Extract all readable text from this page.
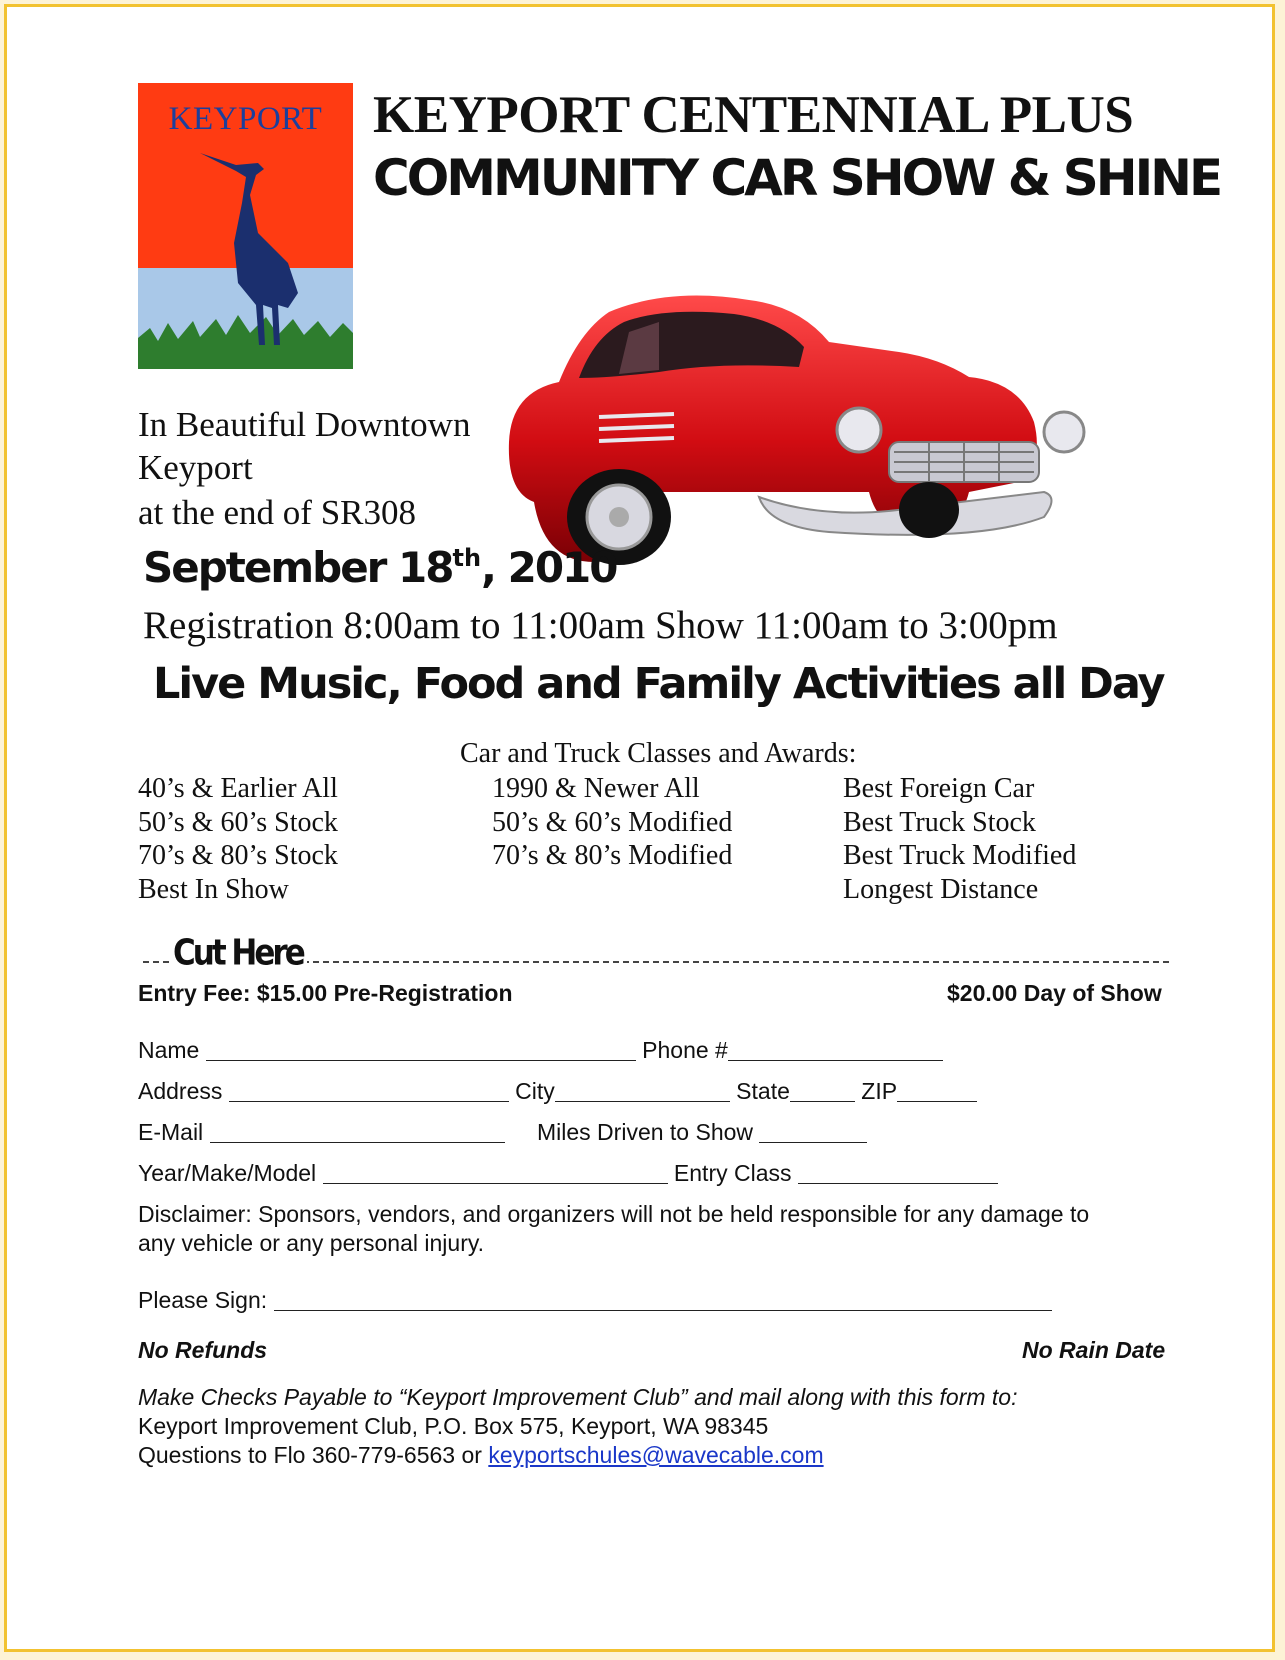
KEYPORT KEYPORT CENTENNIAL PLUS
COMMUNITY CAR SHOW & SHINE
In Beautiful Downtown
Keyport
at the end of SR308
September 18th, 2010
Registration 8:00am to 11:00am Show 11:00am to 3:00pm
Live Music, Food and Family Activities all Day
Car and Truck Classes and Awards:
40’s & Earlier All
50’s & 60’s Stock
70’s & 80’s Stock
Best In Show
1990 & Newer All
50’s & 60’s Modified
70’s & 80’s Modified
Best Foreign Car
Best Truck Stock
Best Truck Modified
Longest Distance
Cut Here
Entry Fee: $15.00 Pre-Registration	$20.00 Day of Show
Name	Phone #
Address	City	State	ZIP
E-Mail	Miles Driven to Show
Year/Make/Model	Entry Class
Disclaimer: Sponsors, vendors, and organizers will not be held responsible for any damage to
any vehicle or any personal injury.
Please Sign:
No Refunds	No Rain Date
Make Checks Payable to “Keyport Improvement Club” and mail along with this form to:
Keyport Improvement Club, P.O. Box 575, Keyport, WA 98345
Questions to Flo 360-779-6563 or keyportschules@wavecable.com
